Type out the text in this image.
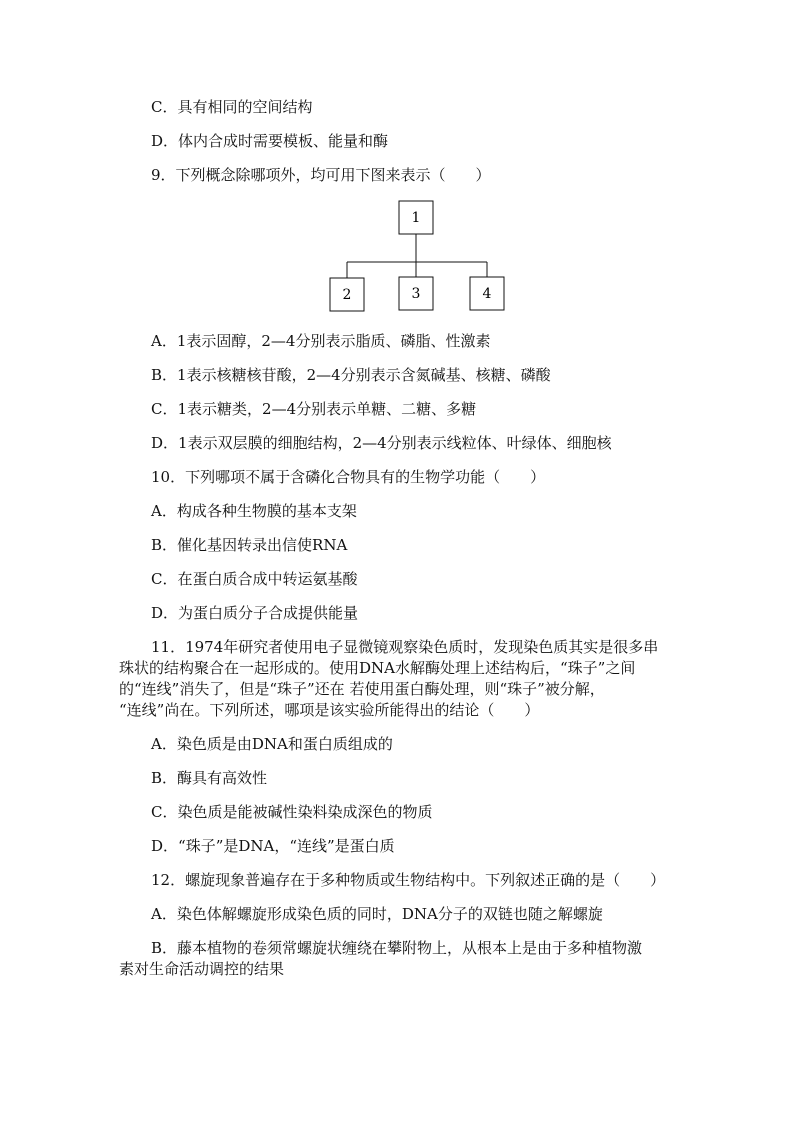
C．具有相同的空间结构
D．体内合成时需要模板、能量和酶
9．下列概念除哪项外，均可用下图来表示（　　）
1
2	3	4
A．1表示固醇，2—4分别表示脂质、磷脂、性激素
B．1表示核糖核苷酸，2—4分别表示含氮碱基、核糖、磷酸
C．1表示糖类，2—4分别表示单糖、二糖、多糖
D．1表示双层膜的细胞结构，2—4分别表示线粒体、叶绿体、细胞核
10．下列哪项不属于含磷化合物具有的生物学功能（　　）
A．构成各种生物膜的基本支架
B．催化基因转录出信使RNA
C．在蛋白质合成中转运氨基酸
D．为蛋白质分子合成提供能量
11．1974年研究者使用电子显微镜观察染色质时，发现染色质其实是很多串
珠状的结构聚合在一起形成的。使用DNA水解酶处理上述结构后，“珠子”之间
的“连线”消失了，但是“珠子”还在 若使用蛋白酶处理，则“珠子”被分解，
“连线”尚在。下列所述，哪项是该实验所能得出的结论（　　）
A．染色质是由DNA和蛋白质组成的
B．酶具有高效性
C．染色质是能被碱性染料染成深色的物质
D．“珠子”是DNA，“连线”是蛋白质
12．螺旋现象普遍存在于多种物质或生物结构中。下列叙述正确的是（　　）
A．染色体解螺旋形成染色质的同时，DNA分子的双链也随之解螺旋
B．藤本植物的卷须常螺旋状缠绕在攀附物上，从根本上是由于多种植物激
素对生命活动调控的结果
